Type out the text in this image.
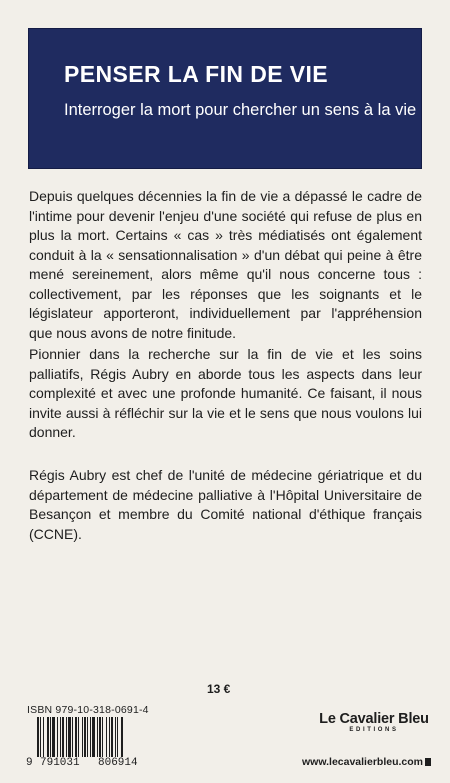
PENSER LA FIN DE VIE
Interroger la mort pour chercher un sens à la vie

Depuis quelques décennies la fin de vie a dépassé le cadre de l'intime pour devenir l'enjeu d'une société qui refuse de plus en plus la mort. Certains « cas » très médiatisés ont également conduit à la « sensationnalisation » d'un débat qui peine à être mené sereinement, alors même qu'il nous concerne tous : collectivement, par les réponses que les soignants et le législateur apporteront, individuellement par l'appréhension que nous avons de notre finitude.

Pionnier dans la recherche sur la fin de vie et les soins palliatifs, Régis Aubry en aborde tous les aspects dans leur complexité et avec une profonde humanité. Ce faisant, il nous invite aussi à réfléchir sur la vie et le sens que nous voulons lui donner.

Régis Aubry est chef de l'unité de médecine gériatrique et du département de médecine palliative à l'Hôpital Universitaire de Besançon et membre du Comité national d'éthique français (CCNE).

13 €
ISBN 979-10-318-0691-4
9 791031 806914
Le Cavalier Bleu
EDITIONS
www.lecavalierbleu.com
